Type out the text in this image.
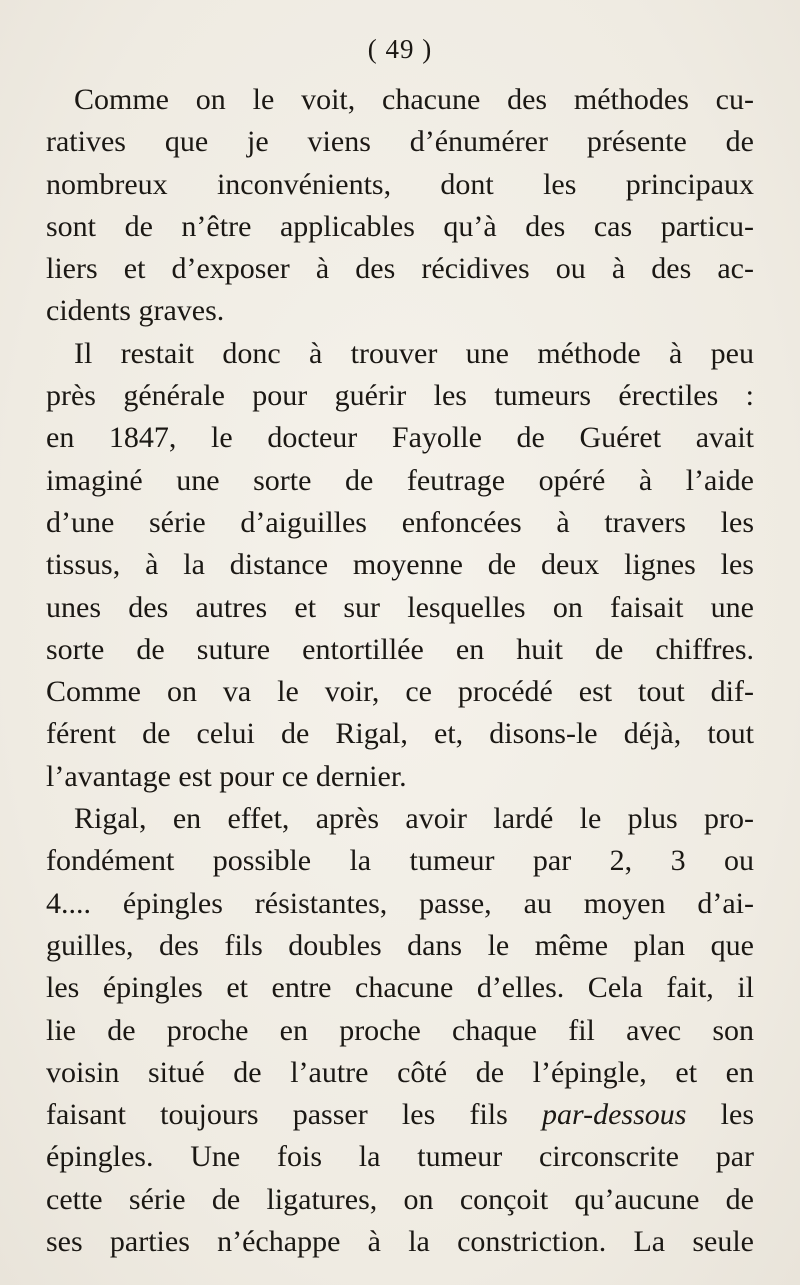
( 49 )
Comme on le voit, chacune des méthodes cu-
ratives que je viens d’énumérer présente de
nombreux inconvénients, dont les principaux
sont de n’être applicables qu’à des cas particu-
liers et d’exposer à des récidives ou à des ac-
cidents graves.
Il restait donc à trouver une méthode à peu
près générale pour guérir les tumeurs érectiles :
en 1847, le docteur Fayolle de Guéret avait
imaginé une sorte de feutrage opéré à l’aide
d’une série d’aiguilles enfoncées à travers les
tissus, à la distance moyenne de deux lignes les
unes des autres et sur lesquelles on faisait une
sorte de suture entortillée en huit de chiffres.
Comme on va le voir, ce procédé est tout dif-
férent de celui de Rigal, et, disons-le déjà, tout
l’avantage est pour ce dernier.
Rigal, en effet, après avoir lardé le plus pro-
fondément possible la tumeur par 2, 3 ou
4.... épingles résistantes, passe, au moyen d’ai-
guilles, des fils doubles dans le même plan que
les épingles et entre chacune d’elles. Cela fait, il
lie de proche en proche chaque fil avec son
voisin situé de l’autre côté de l’épingle, et en
faisant toujours passer les fils par-dessous les
épingles. Une fois la tumeur circonscrite par
cette série de ligatures, on conçoit qu’aucune de
ses parties n’échappe à la constriction. La seule
